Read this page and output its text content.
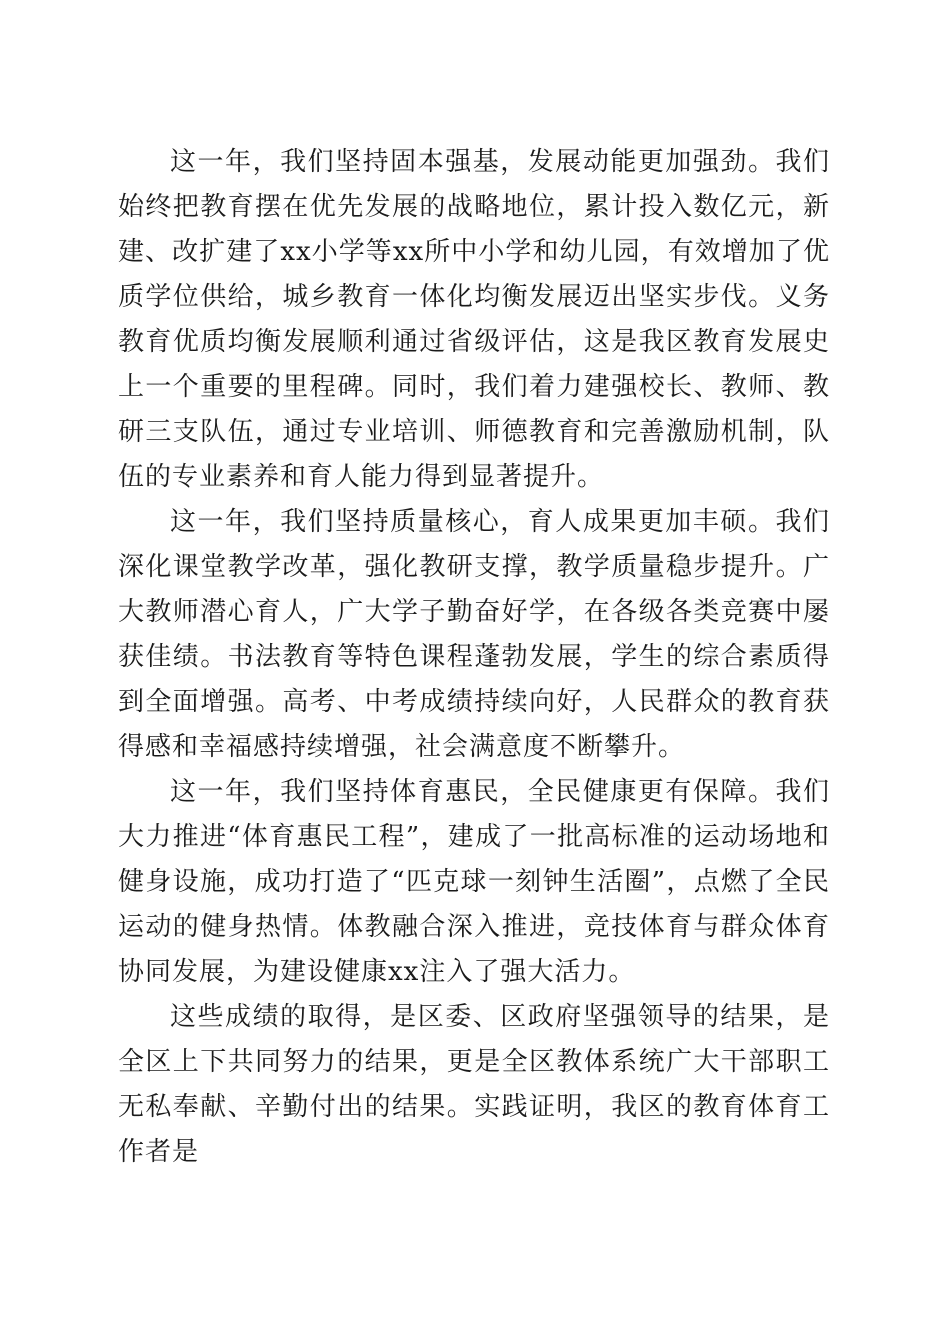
这一年，我们坚持固本强基，发展动能更加强劲。我们始终把教育摆在优先发展的战略地位，累计投入数亿元，新建、改扩建了xx小学等xx所中小学和幼儿园，有效增加了优质学位供给，城乡教育一体化均衡发展迈出坚实步伐。义务教育优质均衡发展顺利通过省级评估，这是我区教育发展史上一个重要的里程碑。同时，我们着力建强校长、教师、教研三支队伍，通过专业培训、师德教育和完善激励机制，队伍的专业素养和育人能力得到显著提升。

这一年，我们坚持质量核心，育人成果更加丰硕。我们深化课堂教学改革，强化教研支撑，教学质量稳步提升。广大教师潜心育人，广大学子勤奋好学，在各级各类竞赛中屡获佳绩。书法教育等特色课程蓬勃发展，学生的综合素质得到全面增强。高考、中考成绩持续向好，人民群众的教育获得感和幸福感持续增强，社会满意度不断攀升。

这一年，我们坚持体育惠民，全民健康更有保障。我们大力推进“体育惠民工程”，建成了一批高标准的运动场地和健身设施，成功打造了“匹克球一刻钟生活圈”，点燃了全民运动的健身热情。体教融合深入推进，竞技体育与群众体育协同发展，为建设健康xx注入了强大活力。

这些成绩的取得，是区委、区政府坚强领导的结果，是全区上下共同努力的结果，更是全区教体系统广大干部职工无私奉献、辛勤付出的结果。实践证明，我区的教育体育工作者是
